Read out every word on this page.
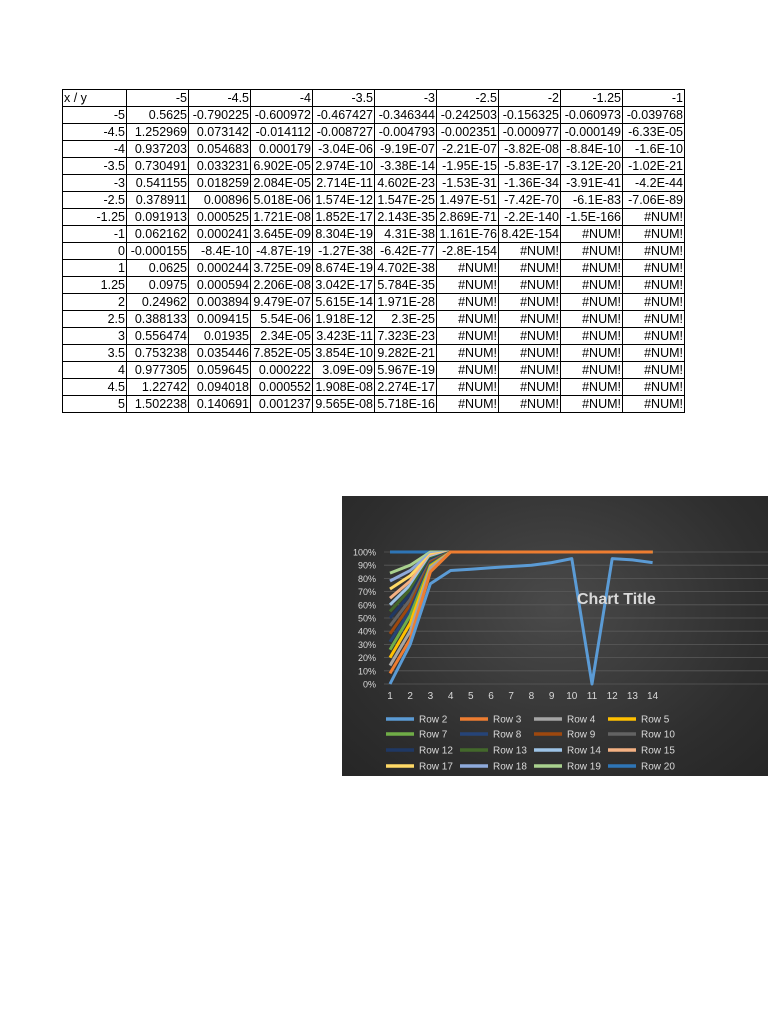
x / y	-5	-4.5	-4	-3.5	-3	-2.5	-2	-1.25	-1
-5	0.5625	-0.790225	-0.600972	-0.467427	-0.346344	-0.242503	-0.156325	-0.060973	-0.039768
-4.5	1.252969	0.073142	-0.014112	-0.008727	-0.004793	-0.002351	-0.000977	-0.000149	-6.33E-05
-4	0.937203	0.054683	0.000179	-3.04E-06	-9.19E-07	-2.21E-07	-3.82E-08	-8.84E-10	-1.6E-10
-3.5	0.730491	0.033231	6.902E-05	2.974E-10	-3.38E-14	-1.95E-15	-5.83E-17	-3.12E-20	-1.02E-21
-3	0.541155	0.018259	2.084E-05	2.714E-11	4.602E-23	-1.53E-31	-1.36E-34	-3.91E-41	-4.2E-44
-2.5	0.378911	0.00896	5.018E-06	1.574E-12	1.547E-25	1.497E-51	-7.42E-70	-6.1E-83	-7.06E-89
-1.25	0.091913	0.000525	1.721E-08	1.852E-17	2.143E-35	2.869E-71	-2.2E-140	-1.5E-166	#NUM!
-1	0.062162	0.000241	3.645E-09	8.304E-19	4.31E-38	1.161E-76	8.42E-154	#NUM!	#NUM!
0	-0.000155	-8.4E-10	-4.87E-19	-1.27E-38	-6.42E-77	-2.8E-154	#NUM!	#NUM!	#NUM!
1	0.0625	0.000244	3.725E-09	8.674E-19	4.702E-38	#NUM!	#NUM!	#NUM!	#NUM!
1.25	0.0975	0.000594	2.206E-08	3.042E-17	5.784E-35	#NUM!	#NUM!	#NUM!	#NUM!
2	0.24962	0.003894	9.479E-07	5.615E-14	1.971E-28	#NUM!	#NUM!	#NUM!	#NUM!
2.5	0.388133	0.009415	5.54E-06	1.918E-12	2.3E-25	#NUM!	#NUM!	#NUM!	#NUM!
3	0.556474	0.01935	2.34E-05	3.423E-11	7.323E-23	#NUM!	#NUM!	#NUM!	#NUM!
3.5	0.753238	0.035446	7.852E-05	3.854E-10	9.282E-21	#NUM!	#NUM!	#NUM!	#NUM!
4	0.977305	0.059645	0.000222	3.09E-09	5.967E-19	#NUM!	#NUM!	#NUM!	#NUM!
4.5	1.22742	0.094018	0.000552	1.908E-08	2.274E-17	#NUM!	#NUM!	#NUM!	#NUM!
5	1.502238	0.140691	0.001237	9.565E-08	5.718E-16	#NUM!	#NUM!	#NUM!	#NUM!
0%
10%
20%
30%
40%
50%
60%
70%
80%
90%
100%
1 2 3 4 5 6 7 8 9 10 11 12 13 14
Chart Title
Row 2	Row 3	Row 4	Row 5
Row 7	Row 8	Row 9	Row 10
Row 12	Row 13	Row 14	Row 15
Row 17	Row 18	Row 19	Row 20
